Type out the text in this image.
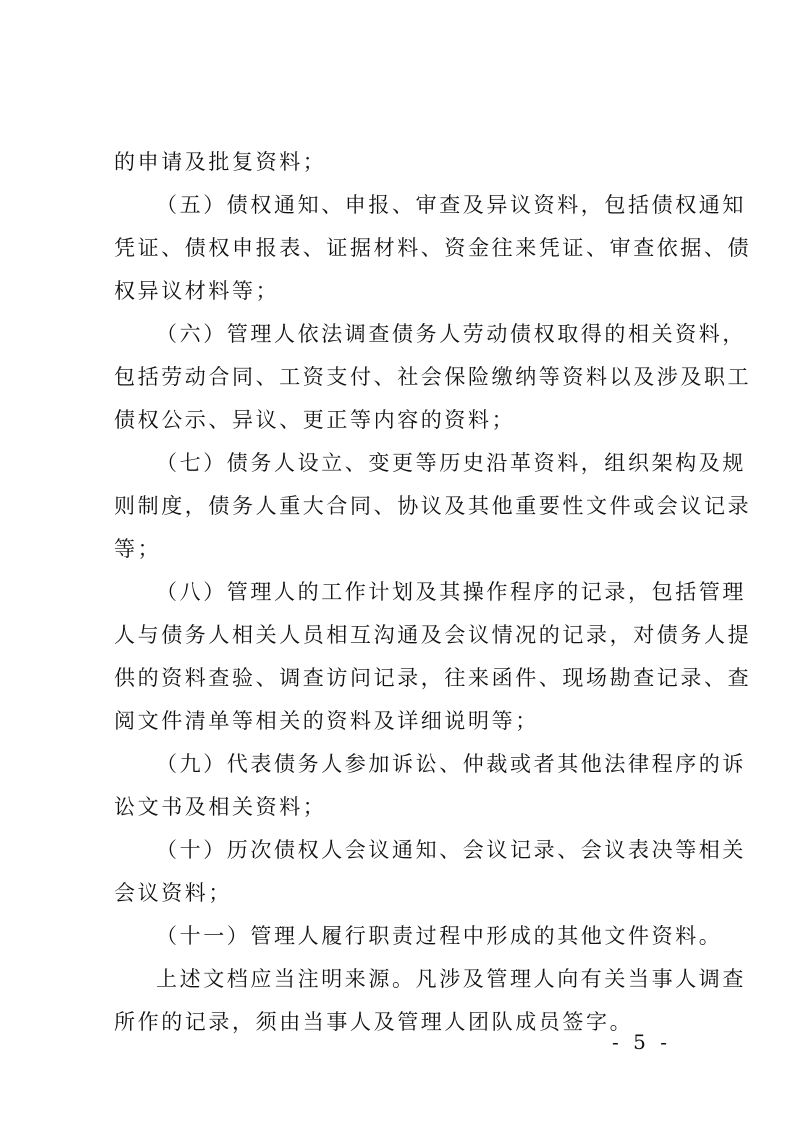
的申请及批复资料；
（五）债权通知、申报、审查及异议资料，包括债权通知
凭证、债权申报表、证据材料、资金往来凭证、审查依据、债
权异议材料等；
（六）管理人依法调查债务人劳动债权取得的相关资料，
包括劳动合同、工资支付、社会保险缴纳等资料以及涉及职工
债权公示、异议、更正等内容的资料；
（七）债务人设立、变更等历史沿革资料，组织架构及规
则制度，债务人重大合同、协议及其他重要性文件或会议记录
等；
（八）管理人的工作计划及其操作程序的记录，包括管理
人与债务人相关人员相互沟通及会议情况的记录，对债务人提
供的资料查验、调查访问记录，往来函件、现场勘查记录、查
阅文件清单等相关的资料及详细说明等；
（九）代表债务人参加诉讼、仲裁或者其他法律程序的诉
讼文书及相关资料；
（十）历次债权人会议通知、会议记录、会议表决等相关
会议资料；
（十一）管理人履行职责过程中形成的其他文件资料。
上述文档应当注明来源。凡涉及管理人向有关当事人调查
所作的记录，须由当事人及管理人团队成员签字。
- 5 -
